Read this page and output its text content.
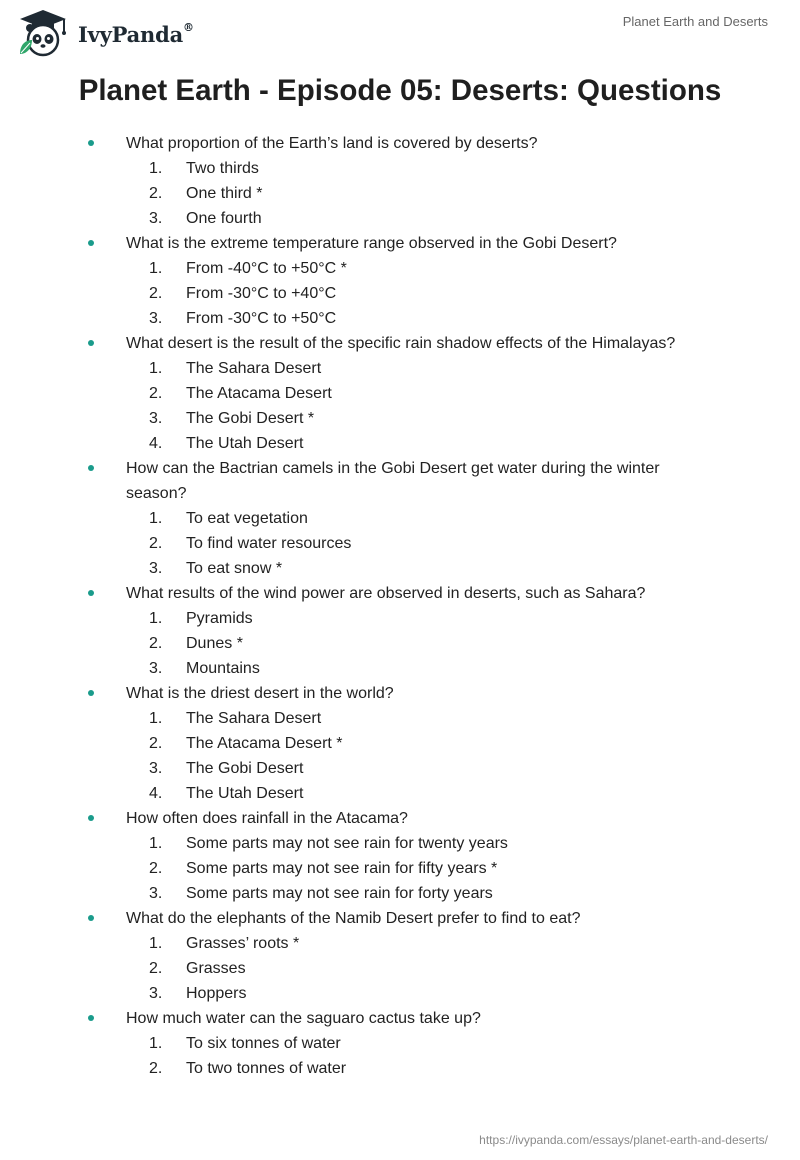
IvyPanda®	Planet Earth and Deserts
Planet Earth - Episode 05: Deserts: Questions
What proportion of the Earth’s land is covered by deserts?
1. Two thirds
2. One third *
3. One fourth
What is the extreme temperature range observed in the Gobi Desert?
1. From -40°C to +50°C *
2. From -30°C to +40°C
3. From -30°C to +50°C
What desert is the result of the specific rain shadow effects of the Himalayas?
1. The Sahara Desert
2. The Atacama Desert
3. The Gobi Desert *
4. The Utah Desert
How can the Bactrian camels in the Gobi Desert get water during the winter season?
1. To eat vegetation
2. To find water resources
3. To eat snow *
What results of the wind power are observed in deserts, such as Sahara?
1. Pyramids
2. Dunes *
3. Mountains
What is the driest desert in the world?
1. The Sahara Desert
2. The Atacama Desert *
3. The Gobi Desert
4. The Utah Desert
How often does rainfall in the Atacama?
1. Some parts may not see rain for twenty years
2. Some parts may not see rain for fifty years *
3. Some parts may not see rain for forty years
What do the elephants of the Namib Desert prefer to find to eat?
1. Grasses’ roots *
2. Grasses
3. Hoppers
How much water can the saguaro cactus take up?
1. To six tonnes of water
2. To two tonnes of water
https://ivypanda.com/essays/planet-earth-and-deserts/
